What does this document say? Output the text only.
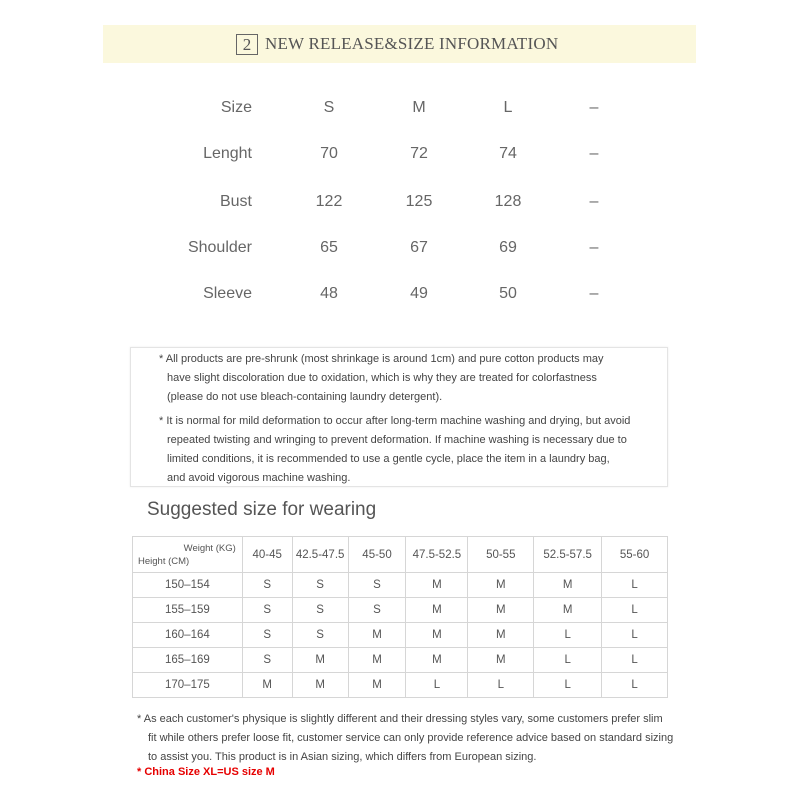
2 NEW RELEASE&SIZE INFORMATION
Size	S	M	L	–
Lenght	70	72	74	–
Bust	122	125	128	–
Shoulder	65	67	69	–
Sleeve	48	49	50	–
* All products are pre-shrunk (most shrinkage is around 1cm) and pure cotton products may
have slight discoloration due to oxidation, which is why they are treated for colorfastness
(please do not use bleach-containing laundry detergent).
* It is normal for mild deformation to occur after long-term machine washing and drying, but avoid
repeated twisting and wringing to prevent deformation. If machine washing is necessary due to
limited conditions, it is recommended to use a gentle cycle, place the item in a laundry bag,
and avoid vigorous machine washing.
Suggested size for wearing
Weight (KG)
Height (CM)	40-45	42.5-47.5	45-50	47.5-52.5	50-55	52.5-57.5	55-60
150–154	S	S	S	M	M	M	L
155–159	S	S	S	M	M	M	L
160–164	S	S	M	M	M	L	L
165–169	S	M	M	M	M	L	L
170–175	M	M	M	L	L	L	L
* As each customer's physique is slightly different and their dressing styles vary, some customers prefer slim
fit while others prefer loose fit, customer service can only provide reference advice based on standard sizing
to assist you. This product is in Asian sizing, which differs from European sizing.
* China Size XL=US size M
